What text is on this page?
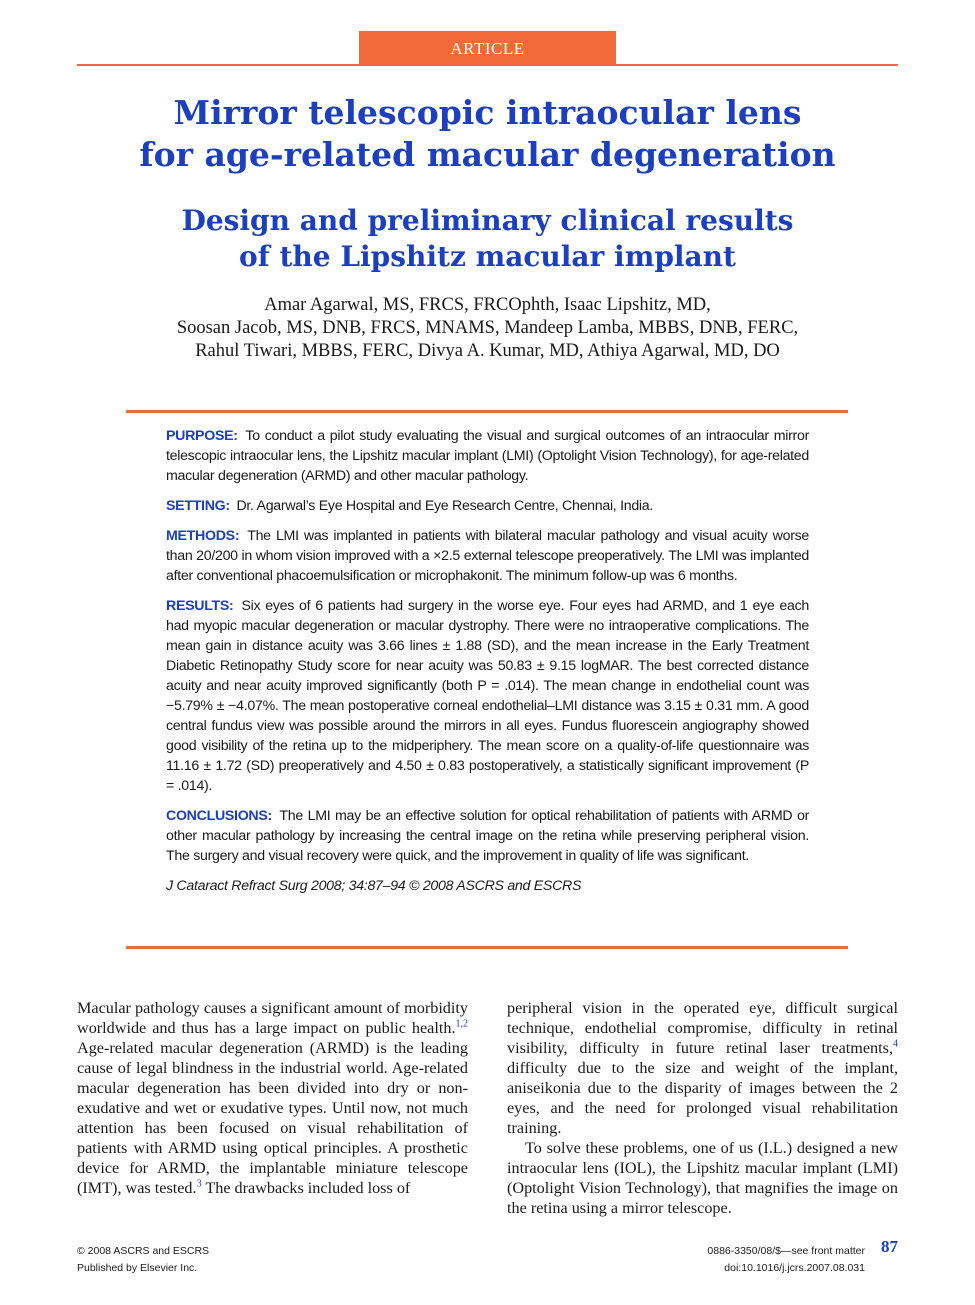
ARTICLE
Mirror telescopic intraocular lens
for age-related macular degeneration
Design and preliminary clinical results
of the Lipshitz macular implant
Amar Agarwal, MS, FRCS, FRCOphth, Isaac Lipshitz, MD,
Soosan Jacob, MS, DNB, FRCS, MNAMS, Mandeep Lamba, MBBS, DNB, FERC,
Rahul Tiwari, MBBS, FERC, Divya A. Kumar, MD, Athiya Agarwal, MD, DO

PURPOSE: To conduct a pilot study evaluating the visual and surgical outcomes of an intraocular mirror telescopic intraocular lens, the Lipshitz macular implant (LMI) (Optolight Vision Technology), for age-related macular degeneration (ARMD) and other macular pathology.

SETTING: Dr. Agarwal’s Eye Hospital and Eye Research Centre, Chennai, India.

METHODS: The LMI was implanted in patients with bilateral macular pathology and visual acuity worse than 20/200 in whom vision improved with a ×2.5 external telescope preoperatively. The LMI was implanted after conventional phacoemulsification or microphakonit. The minimum follow-up was 6 months.

RESULTS: Six eyes of 6 patients had surgery in the worse eye. Four eyes had ARMD, and 1 eye each had myopic macular degeneration or macular dystrophy. There were no intraoperative complications. The mean gain in distance acuity was 3.66 lines ± 1.88 (SD), and the mean increase in the Early Treatment Diabetic Retinopathy Study score for near acuity was 50.83 ± 9.15 logMAR. The best corrected distance acuity and near acuity improved significantly (both P = .014). The mean change in endothelial count was −5.79% ± −4.07%. The mean postoperative corneal endothelial–LMI distance was 3.15 ± 0.31 mm. A good central fundus view was possible around the mirrors in all eyes. Fundus fluorescein angiography showed good visibility of the retina up to the midperiphery. The mean score on a quality-of-life questionnaire was 11.16 ± 1.72 (SD) preoperatively and 4.50 ± 0.83 postoperatively, a statistically significant improvement (P = .014).

CONCLUSIONS: The LMI may be an effective solution for optical rehabilitation of patients with ARMD or other macular pathology by increasing the central image on the retina while preserving peripheral vision. The surgery and visual recovery were quick, and the improvement in quality of life was significant.

J Cataract Refract Surg 2008; 34:87–94 © 2008 ASCRS and ESCRS

Macular pathology causes a significant amount of morbidity worldwide and thus has a large impact on public health.$^{1,2}$ Age-related macular degeneration (ARMD) is the leading cause of legal blindness in the industrial world. Age-related macular degeneration has been divided into dry or non-exudative and wet or exudative types. Until now, not much attention has been focused on visual rehabilitation of patients with ARMD using optical principles. A prosthetic device for ARMD, the implantable miniature telescope (IMT), was tested.$^3$ The drawbacks included loss of

peripheral vision in the operated eye, difficult surgical technique, endothelial compromise, difficulty in retinal visibility, difficulty in future retinal laser treatments,$^4$ difficulty due to the size and weight of the implant, aniseikonia due to the disparity of images between the 2 eyes, and the need for prolonged visual rehabilitation training.

To solve these problems, one of us (I.L.) designed a new intraocular lens (IOL), the Lipshitz macular implant (LMI) (Optolight Vision Technology), that magnifies the image on the retina using a mirror telescope.

© 2008 ASCRS and ESCRS
Published by Elsevier Inc.
0886-3350/08/$—see front matter
doi:10.1016/j.jcrs.2007.08.031
87
